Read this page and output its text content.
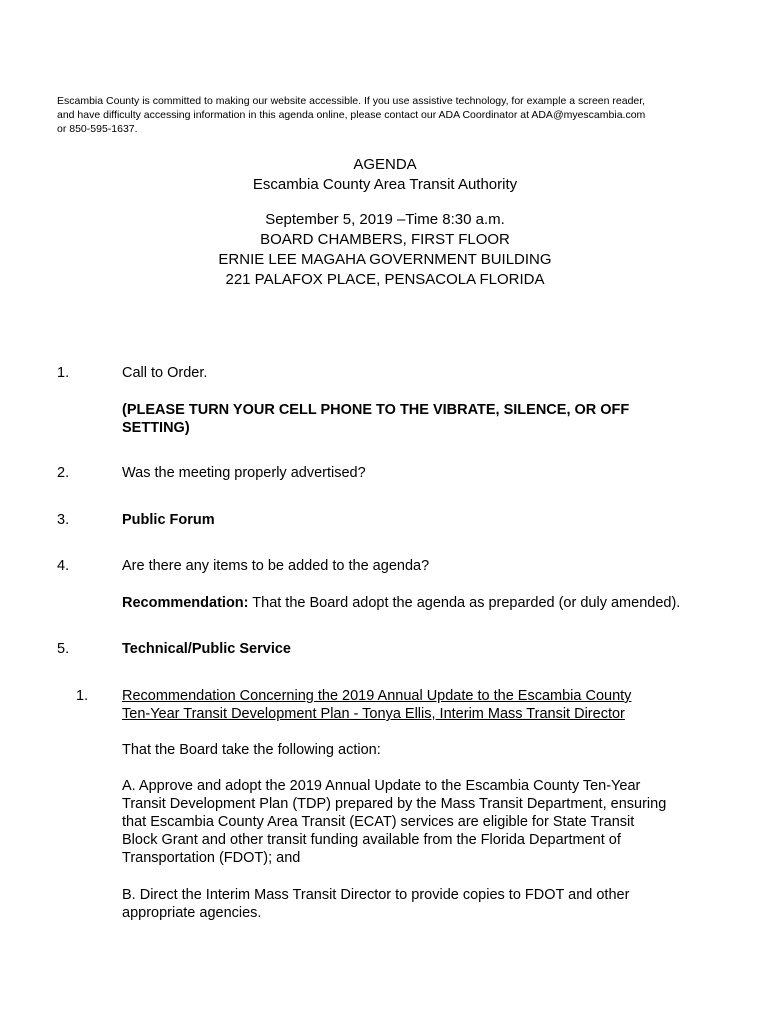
Escambia County is committed to making our website accessible. If you use assistive technology, for example a screen reader,
and have difficulty accessing information in this agenda online, please contact our ADA Coordinator at ADA@myescambia.com
or 850-595-1637.
AGENDA
Escambia County Area Transit Authority
September 5, 2019 –Time 8:30 a.m.
BOARD CHAMBERS, FIRST FLOOR
ERNIE LEE MAGAHA GOVERNMENT BUILDING
221 PALAFOX PLACE, PENSACOLA FLORIDA
1.	Call to Order.
(PLEASE TURN YOUR CELL PHONE TO THE VIBRATE, SILENCE, OR OFF
SETTING)
2.	Was the meeting properly advertised?
3.	Public Forum
4.	Are there any items to be added to the agenda?
Recommendation: That the Board adopt the agenda as preparded (or duly amended).
5.	Technical/Public Service
1. Recommendation Concerning the 2019 Annual Update to the Escambia County
Ten-Year Transit Development Plan - Tonya Ellis, Interim Mass Transit Director
That the Board take the following action:
A. Approve and adopt the 2019 Annual Update to the Escambia County Ten-Year
Transit Development Plan (TDP) prepared by the Mass Transit Department, ensuring
that Escambia County Area Transit (ECAT) services are eligible for State Transit
Block Grant and other transit funding available from the Florida Department of
Transportation (FDOT); and
B. Direct the Interim Mass Transit Director to provide copies to FDOT and other
appropriate agencies.
